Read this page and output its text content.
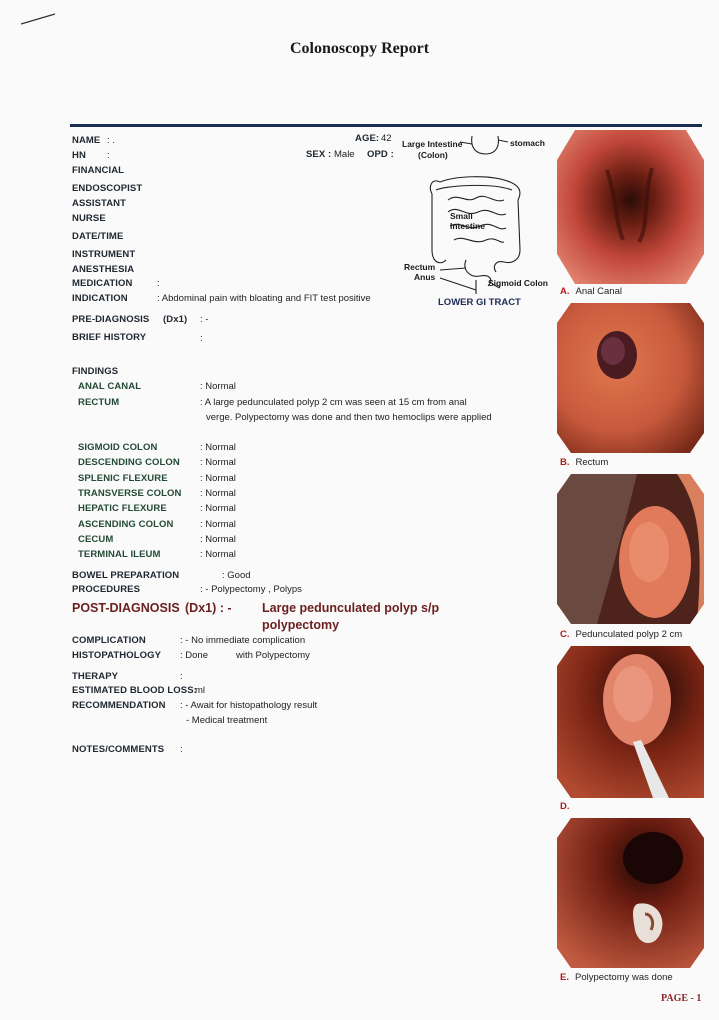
Colonoscopy Report
NAME : .
HN :
FINANCIAL
AGE: 42
SEX : Male OPD :
ENDOSCOPIST
ASSISTANT
NURSE
DATE/TIME
INSTRUMENT
ANESTHESIA
MEDICATION	:
INDICATION	: Abdominal pain with bloating and FIT test positive
PRE-DIAGNOSIS (Dx1) : -
BRIEF HISTORY	:
FINDINGS
ANAL CANAL	: Normal
RECTUM	: A large pedunculated polyp 2 cm was seen at 15 cm from anal
verge. Polypectomy was done and then two hemoclips were applied
SIGMOID COLON	: Normal
DESCENDING COLON : Normal
SPLENIC FLEXURE	: Normal
TRANSVERSE COLON : Normal
HEPATIC FLEXURE	: Normal
ASCENDING COLON	: Normal
CECUM	: Normal
TERMINAL ILEUM	: Normal
BOWEL PREPARATION	: Good
PROCEDURES	: - Polypectomy , Polyps
POST-DIAGNOSIS (Dx1) : - Large pedunculated polyp s/p
polypectomy
COMPLICATION	: - No immediate complication
HISTOPATHOLOGY : Done	with Polypectomy
THERAPY	:
ESTIMATED BLOOD LOSS:
ml
RECOMMENDATION : - Await for histopathology result
- Medical treatment
NOTES/COMMENTS :
Large Intestine
(Colon)
stomach
Small
Intestine
Rectum
Anus
Sigmoid Colon
LOWER GI TRACT
A. Anal Canal
B. Rectum
C. Pedunculated polyp 2 cm
D.
E. Polypectomy was done
PAGE - 1
